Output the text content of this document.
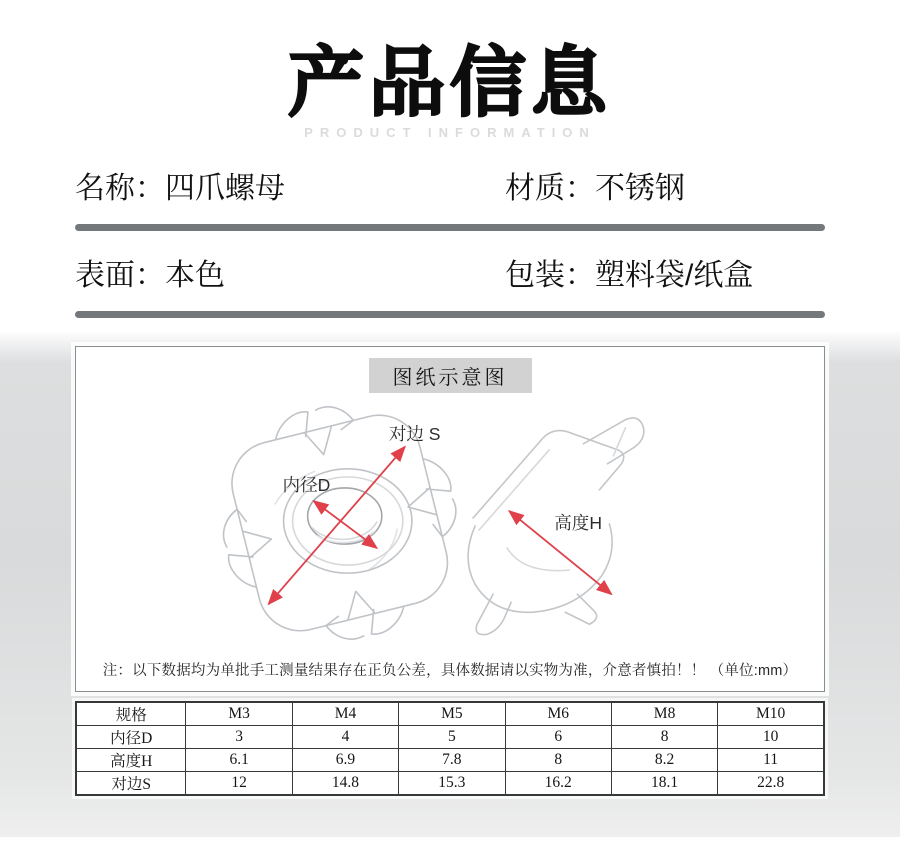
产品信息
PRODUCT INFORMATION
名称：四爪螺母	材质：不锈钢
表面：本色	包装：塑料袋/纸盒
图纸示意图
对边 S
内径D
高度H
注：以下数据均为单批手工测量结果存在正负公差，具体数据请以实物为准，介意者慎拍！！ （单位:mm）
规格	M3	M4	M5	M6	M8	M10
内径D	3	4	5	6	8	10
高度H	6.1	6.9	7.8	8	8.2	11
对边S	12	14.8	15.3	16.2	18.1	22.8
